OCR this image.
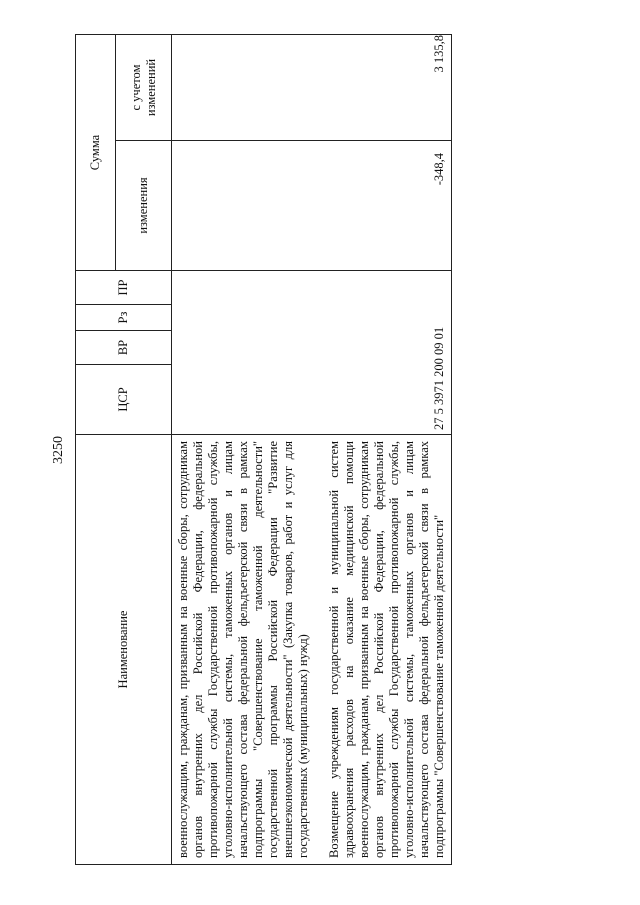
3250
Наименование	ЦСР	ВР	Рз	ПР	Сумма	
					изменения	с учетом изменений

военнослужащим, гражданам, призванным на военные сборы, сотрудникам органов внутренних дел Российской Федерации, федеральной противопожарной службы Государственной противопожарной службы, уголовно-исполнительной системы, таможенных органов и лицам начальствующего состава федеральной фельдъегерской связи в рамках подпрограммы "Совершенствование таможенной деятельности" государственной программы Российской Федерации "Развитие внешнеэкономической деятельности" (Закупка товаров, работ и услуг для государственных (муниципальных) нужд) Возмещение учреждениям государственной и муниципальной систем здравоохранения расходов на оказание медицинской помощи военнослужащим, гражданам, призванным на военные сборы, сотрудникам органов внутренних дел Российской Федерации, федеральной противопожарной службы Государственной противопожарной службы, уголовно-исполнительной системы, таможенных органов и лицам начальствующего состава федеральной фельдъегерской связи в рамках подпрограммы "Совершенствование таможенной деятельности"	27 5 3971 200 09 01				-348,4	3 135,8
